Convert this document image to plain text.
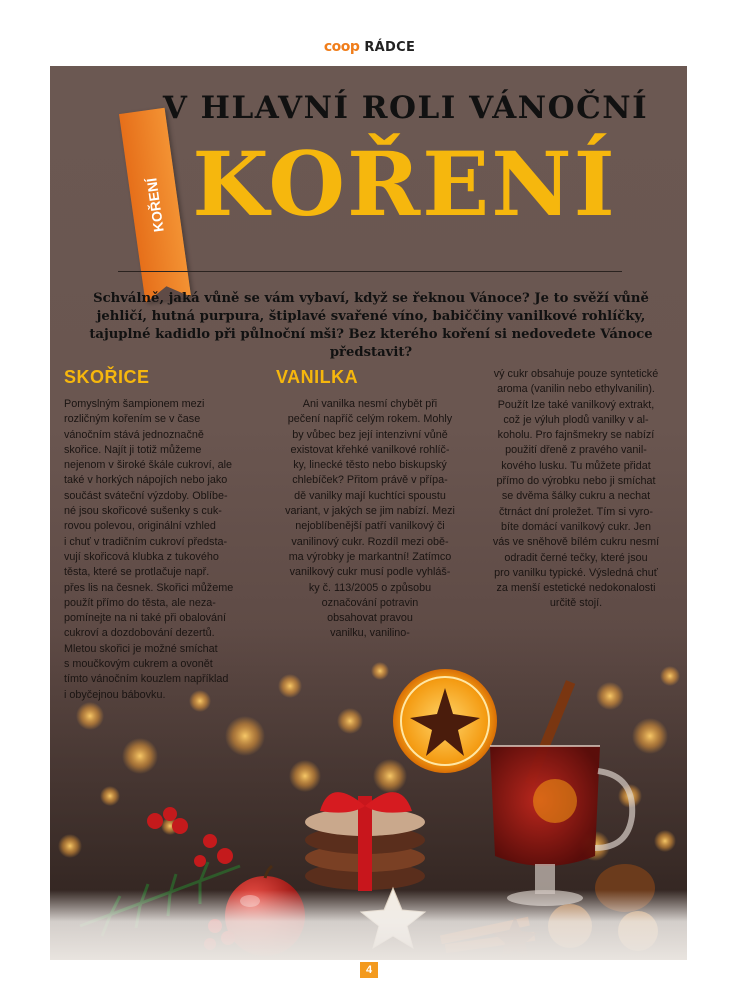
coop RÁDCE
KOŘENÍ
V HLAVNÍ ROLI VÁNOČNÍ
KOŘENÍ
Schválně, jaká vůně se vám vybaví, když se řeknou Vánoce? Je to svěží vůně jehličí, hutná purpura, štiplavé svařené víno, babiččiny vanilkové rohlíčky, tajuplné kadidlo při půlnoční mši? Bez kterého koření si nedovedete Vánoce představit?
SKOŘICE
Pomyslným šampionem mezi
rozličným kořením se v čase
vánočním stává jednoznačně
skořice. Najít ji totiž můžeme
nejenom v široké škále cukroví, ale
také v horkých nápojích nebo jako
součást sváteční výzdoby. Oblíbe-
né jsou skořicové sušenky s cuk-
rovou polevou, originální vzhled
i chuť v tradičním cukroví předsta-
vují skořicová klubka z tukového
těsta, které se protlačuje např.
přes lis na česnek. Skořici můžeme
použít přímo do těsta, ale neza-
pomínejte na ni také při obalování
cukroví a dozdobování dezertů.
Mletou skořici je možné smíchat
s moučkovým cukrem a ovonět
tímto vánočním kouzlem například
i obyčejnou bábovku.
VANILKA
Ani vanilka nesmí chybět při
pečení napříč celým rokem. Mohly
by vůbec bez její intenzivní vůně
existovat křehké vanilkové rohlíč-
ky, linecké těsto nebo biskupský
chlebíček? Přitom právě v přípa-
dě vanilky mají kuchtíci spoustu
variant, v jakých se jim nabízí. Mezi
nejoblíbenější patří vanilkový či
vanilinový cukr. Rozdíl mezi obě-
ma výrobky je markantní! Zatímco
vanilkový cukr musí podle vyhláš-
ky č. 113/2005 o způsobu
označování potravin
obsahovat pravou
vanilku, vanilino-
vý cukr obsahuje pouze syntetické
aroma (vanilin nebo ethylvanilin).
Použít lze také vanilkový extrakt,
což je výluh plodů vanilky v al-
koholu. Pro fajnšmekry se nabízí
použití dřeně z pravého vanil-
kového lusku. Tu můžete přidat
přímo do výrobku nebo ji smíchat
se dvěma šálky cukru a nechat
čtrnáct dní proležet. Tím si vyro-
bíte domácí vanilkový cukr. Jen
vás ve sněhově bílém cukru nesmí
odradit černé tečky, které jsou
pro vanilku typické. Výsledná chuť
za menší estetické nedokonalosti
určitě stojí.
4
